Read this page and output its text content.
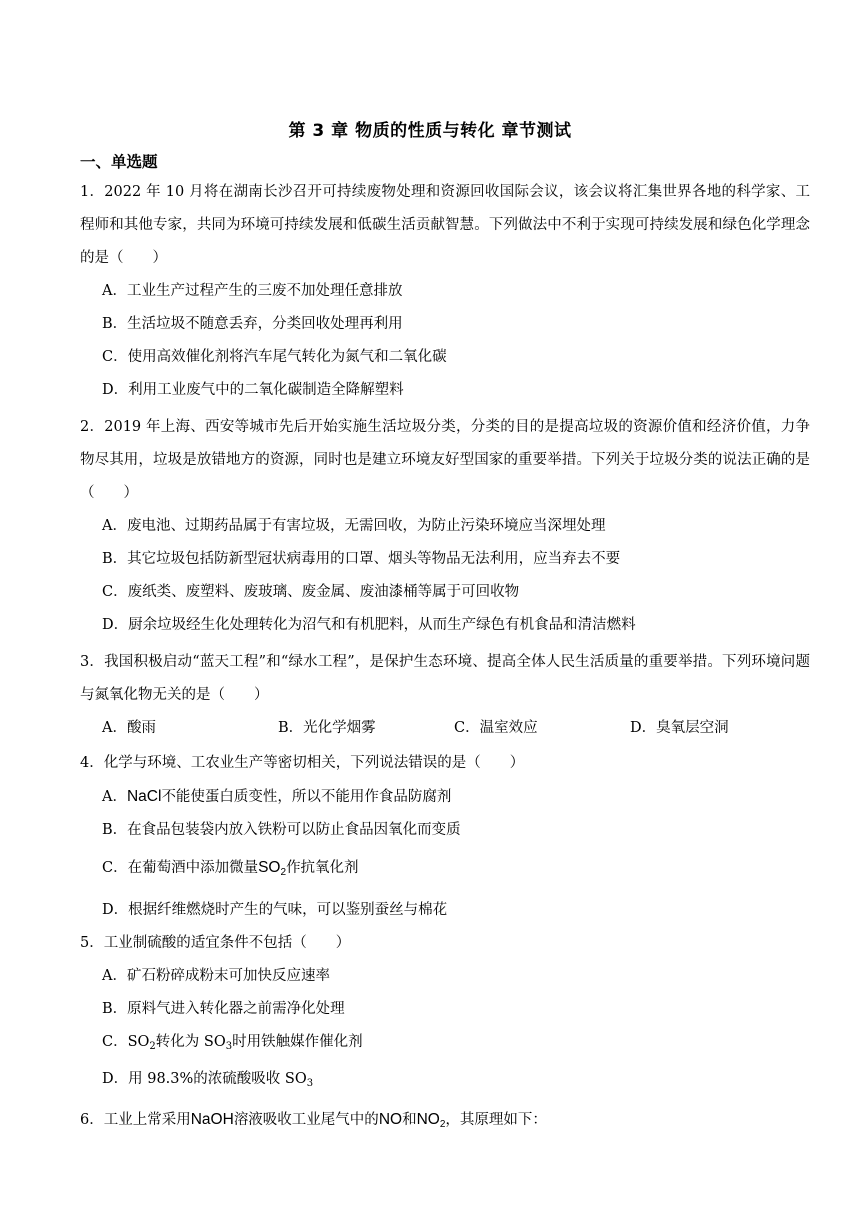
第 3 章 物质的性质与转化 章节测试
一、单选题
1．2022 年 10 月将在湖南长沙召开可持续废物处理和资源回收国际会议，该会议将汇集世界各地的科学家、工程师和其他专家，共同为环境可持续发展和低碳生活贡献智慧。下列做法中不利于实现可持续发展和绿色化学理念的是（　　）
A．工业生产过程产生的三废不加处理任意排放
B．生活垃圾不随意丢弃，分类回收处理再利用
C．使用高效催化剂将汽车尾气转化为氮气和二氧化碳
D．利用工业废气中的二氧化碳制造全降解塑料
2．2019 年上海、西安等城市先后开始实施生活垃圾分类，分类的目的是提高垃圾的资源价值和经济价值，力争物尽其用，垃圾是放错地方的资源，同时也是建立环境友好型国家的重要举措。下列关于垃圾分类的说法正确的是（　　）
A．废电池、过期药品属于有害垃圾，无需回收，为防止污染环境应当深埋处理
B．其它垃圾包括防新型冠状病毒用的口罩、烟头等物品无法利用，应当弃去不要
C．废纸类、废塑料、废玻璃、废金属、废油漆桶等属于可回收物
D．厨余垃圾经生化处理转化为沼气和有机肥料，从而生产绿色有机食品和清洁燃料
3．我国积极启动“蓝天工程”和“绿水工程”，是保护生态环境、提高全体人民生活质量的重要举措。下列环境问题与氮氧化物无关的是（　　）
A．酸雨	B．光化学烟雾	C．温室效应	D．臭氧层空洞
4．化学与环境、工农业生产等密切相关，下列说法错误的是（　　）
A．NaCl不能使蛋白质变性，所以不能用作食品防腐剂
B．在食品包装袋内放入铁粉可以防止食品因氧化而变质
C．在葡萄酒中添加微量$SO_2$作抗氧化剂
D．根据纤维燃烧时产生的气味，可以鉴别蚕丝与棉花
5．工业制硫酸的适宜条件不包括（　　）
A．矿石粉碎成粉末可加快反应速率
B．原料气进入转化器之前需净化处理
C．$SO_2$转化为 $SO_3$时用铁触媒作催化剂
D．用 98.3%的浓硫酸吸收 $SO_3$
6．工业上常采用NaOH溶液吸收工业尾气中的NO和$NO_2$，其原理如下：
